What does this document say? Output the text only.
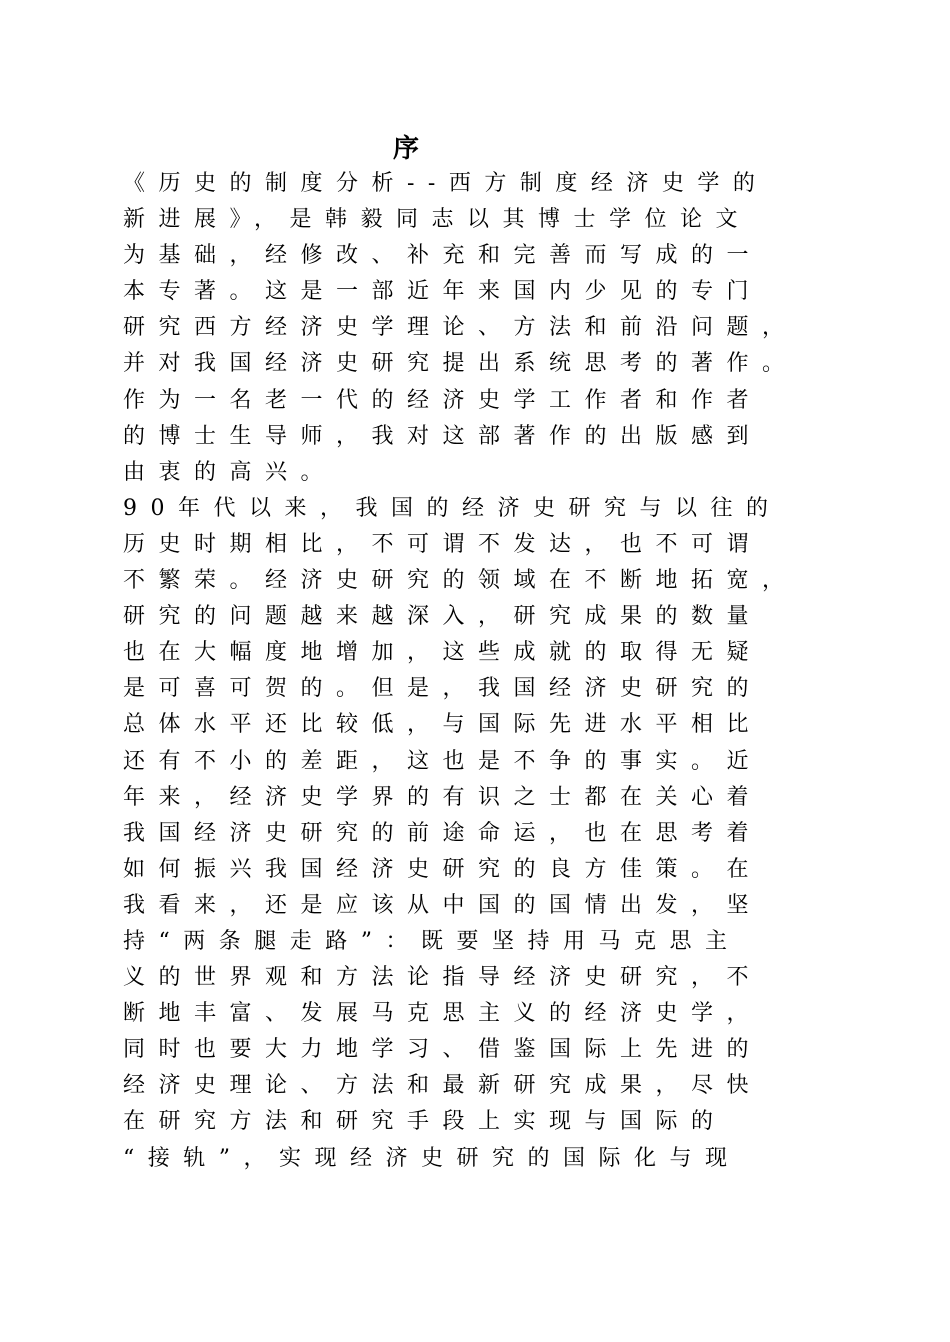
序
《历史的制度分析--西方制度经济史学的
新进展》，是韩毅同志以其博士学位论文
为基础，经修改、补充和完善而写成的一
本专著。这是一部近年来国内少见的专门
研究西方经济史学理论、方法和前沿问题，
并对我国经济史研究提出系统思考的著作。
作为一名老一代的经济史学工作者和作者
的博士生导师，我对这部著作的出版感到
由衷的高兴。
90年代以来，我国的经济史研究与以往的
历史时期相比，不可谓不发达，也不可谓
不繁荣。经济史研究的领域在不断地拓宽，
研究的问题越来越深入，研究成果的数量
也在大幅度地增加，这些成就的取得无疑
是可喜可贺的。但是，我国经济史研究的
总体水平还比较低，与国际先进水平相比
还有不小的差距，这也是不争的事实。近
年来，经济史学界的有识之士都在关心着
我国经济史研究的前途命运，也在思考着
如何振兴我国经济史研究的良方佳策。在
我看来，还是应该从中国的国情出发，坚
持“两条腿走路”：既要坚持用马克思主
义的世界观和方法论指导经济史研究，不
断地丰富、发展马克思主义的经济史学，
同时也要大力地学习、借鉴国际上先进的
经济史理论、方法和最新研究成果，尽快
在研究方法和研究手段上实现与国际的
“接轨”，实现经济史研究的国际化与现
